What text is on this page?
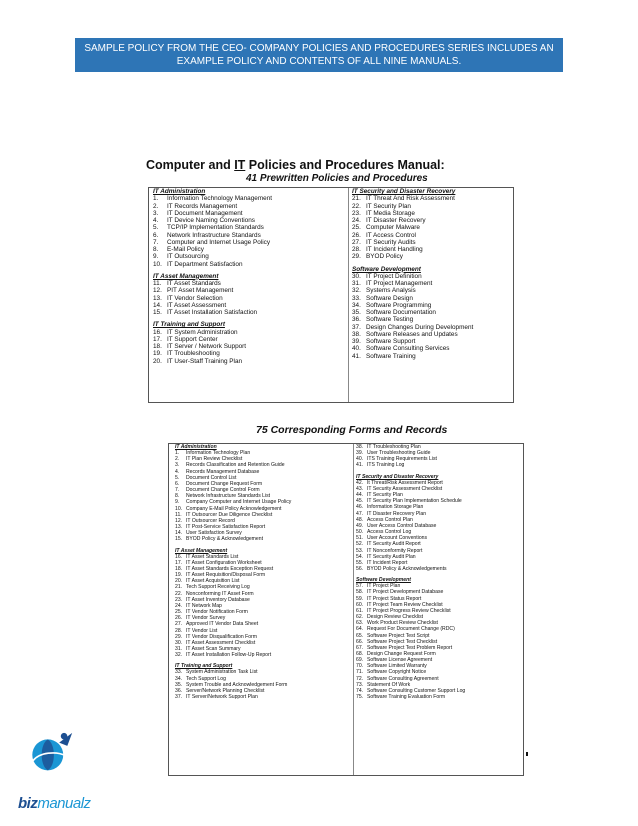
SAMPLE POLICY FROM THE CEO- COMPANY POLICIES AND PROCEDURES SERIES INCLUDES AN
EXAMPLE POLICY AND CONTENTS OF ALL NINE MANUALS.
Computer and IT Policies and Procedures Manual:
41 Prewritten Policies and Procedures
IT Administration
1. Information Technology Management
2. IT Records Management
3. IT Document Management
4. IT Device Naming Conventions
5. TCP/IP Implementation Standards
6. Network Infrastructure Standards
7. Computer and Internet Usage Policy
8. E-Mail Policy
9. IT Outsourcing
10. IT Department Satisfaction
IT Asset Management
11. IT Asset Standards
12. PIT Asset Management
13. IT Vendor Selection
14. IT Asset Assessment
15. IT Asset Installation Satisfaction
IT Training and Support
16. IT System Administration
17. IT Support Center
18. IT Server / Network Support
19. IT Troubleshooting
20. IT User-Staff Training Plan
IT Security and Disaster Recovery
21. IT Threat And Risk Assessment
22. IT Security Plan
23. IT Media Storage
24. IT Disaster Recovery
25. Computer Malware
26. IT Access Control
27. IT Security Audits
28. IT Incident Handling
29. BYOD Policy
Software Development
30. IT Project Definition
31. IT Project Management
32. Systems Analysis
33. Software Design
34. Software Programming
35. Software Documentation
36. Software Testing
37. Design Changes During Development
38. Software Releases and Updates
39. Software Support
40. Software Consulting Services
41. Software Training
75 Corresponding Forms and Records
IT Administration
1. Information Technology Plan
2. IT Plan Review Checklist
3. Records Classification and Retention Guide
4. Records Management Database
5. Document Control List
6. Document Change Request Form
7. Document Change Control Form
8. Network Infrastructure Standards List
9. Company Computer and Internet Usage Policy
10. Company E-Mail Policy Acknowledgement
11. IT Outsourcer Due Diligence Checklist
12. IT Outsourcer Record
13. IT Post-Service Satisfaction Report
14. User Satisfaction Survey
15. BYOD Policy & Acknowledgement
IT Asset Management
16. IT Asset Standards List
17. IT Asset Configuration Worksheet
18. IT Asset Standards Exception Request
19. IT Asset Requisition/Disposal Form
20. IT Asset Acquisition List
21. Tech Support Receiving Log
22. Nonconforming IT Asset Form
23. IT Asset Inventory Database
24. IT Network Map
25. IT Vendor Notification Form
26. IT Vendor Survey
27. Approved IT Vendor Data Sheet
28. IT Vendor List
29. IT Vendor Disqualification Form
30. IT Asset Assessment Checklist
31. IT Asset Scan Summary
32. IT Asset Installation Follow-Up Report
IT Training and Support
33. System Administration Task List
34. Tech Support Log
35. System Trouble and Acknowledgement Form
36. Server/Network Planning Checklist
37. IT Server/Network Support Plan
38. IT Troubleshooting Plan
39. User Troubleshooting Guide
40. ITS Training Requirements List
41. ITS Training Log
IT Security and Disaster Recovery
42. It Threat/Risk Assessment Report
43. IT Security Assessment Checklist
44. IT Security Plan
45. IT Security Plan Implementation Schedule
46. Information Storage Plan
47. IT Disaster Recovery Plan
48. Access Control Plan
49. User Access Control Database
50. Access Control Log
51. User Account Conventions
52. IT Security Audit Report
53. IT Nonconformity Report
54. IT Security Audit Plan
55. IT Incident Report
56. BYOD Policy & Acknowledgements
Software Development
57. IT Project Plan
58. IT Project Development Database
59. IT Project Status Report
60. IT Project Team Review Checklist
61. IT Project Progress Review Checklist
62. Design Review Checklist
63. Work Product Review Checklist
64. Request For Document Change (RDC)
65. Software Project Test Script
66. Software Project Test Checklist
67. Software Project Test Problem Report
68. Design Change Request Form
69. Software License Agreement
70. Software Limited Warranty
71. Software Copyright Notice
72. Software Consulting Agreement
73. Statement Of Work
74. Software Consulting Customer Support Log
75. Software Training Evaluation Form
bizmanualz
